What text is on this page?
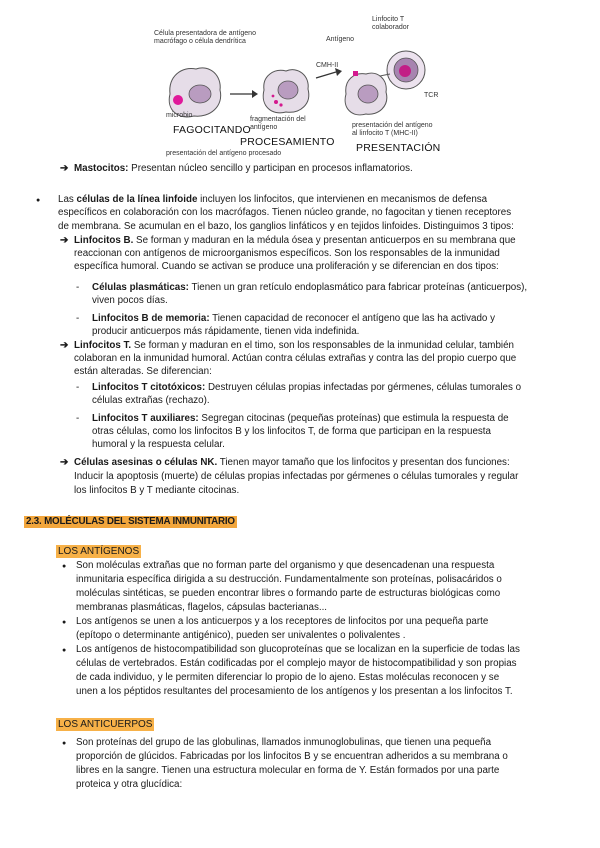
Célula presentadora de antígeno
macrófago o célula dendrítica	Antígeno
CMH-II
Linfocito T
colaborador
TCR
microbio
fragmentación del
antígeno	presentación del antígeno
al linfocito T (MHC-II)
presentación del antígeno procesado
FAGOCITANDO
PROCESAMIENTO PRESENTACIÓN
➔ Mastocitos: Presentan núcleo sencillo y participan en procesos inflamatorios.
● Las células de la línea linfoide incluyen los linfocitos, que intervienen en mecanismos de defensa
específicos en colaboración con los macrófagos. Tienen núcleo grande, no fagocitan y tienen receptores
de membrana. Se acumulan en el bazo, los ganglios linfáticos y en tejidos linfoides. Distinguimos 3 tipos:
➔ Linfocitos B. Se forman y maduran en la médula ósea y presentan anticuerpos en su membrana que
reaccionan con antígenos de microorganismos específicos. Son los responsables de la inmunidad
específica humoral. Cuando se activan se produce una proliferación y se diferencian en dos tipos:
- Células plasmáticas: Tienen un gran retículo endoplasmático para fabricar proteínas (anticuerpos),
viven pocos días.
- Linfocitos B de memoria: Tienen capacidad de reconocer el antígeno que las ha activado y
producir anticuerpos más rápidamente, tienen vida indefinida.
➔ Linfocitos T. Se forman y maduran en el timo, son los responsables de la inmunidad celular, también
colaboran en la inmunidad humoral. Actúan contra células extrañas y contra las del propio cuerpo que
están alteradas. Se diferencian:
- Linfocitos T citotóxicos: Destruyen células propias infectadas por gérmenes, células tumorales o
células extrañas (rechazo).
- Linfocitos T auxiliares: Segregan citocinas (pequeñas proteínas) que estimula la respuesta de
otras células, como los linfocitos B y los linfocitos T, de forma que participan en la respuesta
humoral y la respuesta celular.
➔ Células asesinas o células NK. Tienen mayor tamaño que los linfocitos y presentan dos funciones:
Inducir la apoptosis (muerte) de células propias infectadas por gérmenes o células tumorales y regular
los linfocitos B y T mediante citocinas.
2.3. MOLÉCULAS DEL SISTEMA INMUNITARIO
LOS ANTÍGENOS
● Son moléculas extrañas que no forman parte del organismo y que desencadenan una respuesta
inmunitaria específica dirigida a su destrucción. Fundamentalmente son proteínas, polisacáridos o
moléculas sintéticas, se pueden encontrar libres o formando parte de estructuras biológicas como
membranas plasmáticas, flagelos, cápsulas bacterianas...
● Los antígenos se unen a los anticuerpos y a los receptores de linfocitos por una pequeña parte
(epítopo o determinante antigénico), pueden ser univalentes o polivalentes .
● Los antígenos de histocompatibilidad son glucoproteínas que se localizan en la superficie de todas las
células de vertebrados. Están codificadas por el complejo mayor de histocompatibilidad y son propias
de cada individuo, y le permiten diferenciar lo propio de lo ajeno. Estas moléculas reconocen y se
unen a los péptidos resultantes del procesamiento de los antígenos y los presentan a los linfocitos T.
LOS ANTICUERPOS
● Son proteínas del grupo de las globulinas, llamados inmunoglobulinas, que tienen una pequeña
proporción de glúcidos. Fabricadas por los linfocitos B y se encuentran adheridos a su membrana o
libres en la sangre. Tienen una estructura molecular en forma de Y. Están formados por una parte
proteica y otra glucídica:
